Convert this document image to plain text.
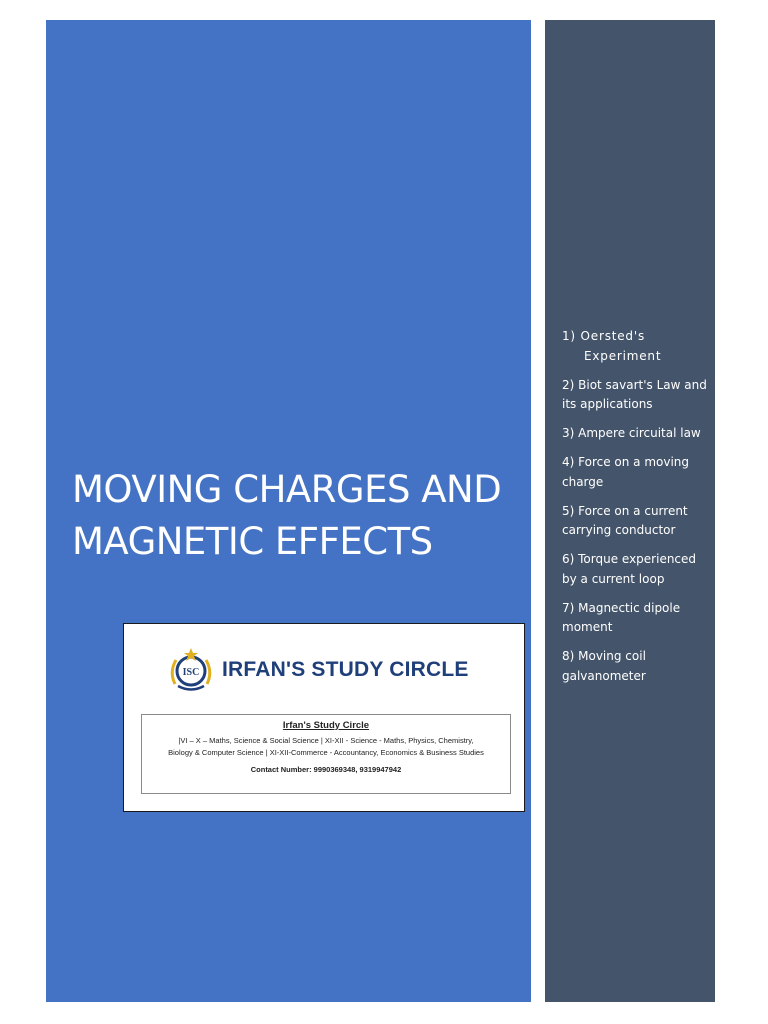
MOVING CHARGES AND MAGNETIC EFFECTS
ISC IRFAN'S STUDY CIRCLE
Irfan's Study Circle
|VI – X – Maths, Science & Social Science | XI-XII - Science - Maths, Physics, Chemistry,
Biology & Computer Science | XI-XII-Commerce - Accountancy, Economics & Business Studies
Contact Number: 9990369348, 9319947942
1) Oersted's Experiment
2) Biot savart's Law and its applications
3) Ampere circuital law
4) Force on a moving charge
5) Force on a current carrying conductor
6) Torque experienced by a current loop
7) Magnectic dipole moment
8) Moving coil galvanometer
